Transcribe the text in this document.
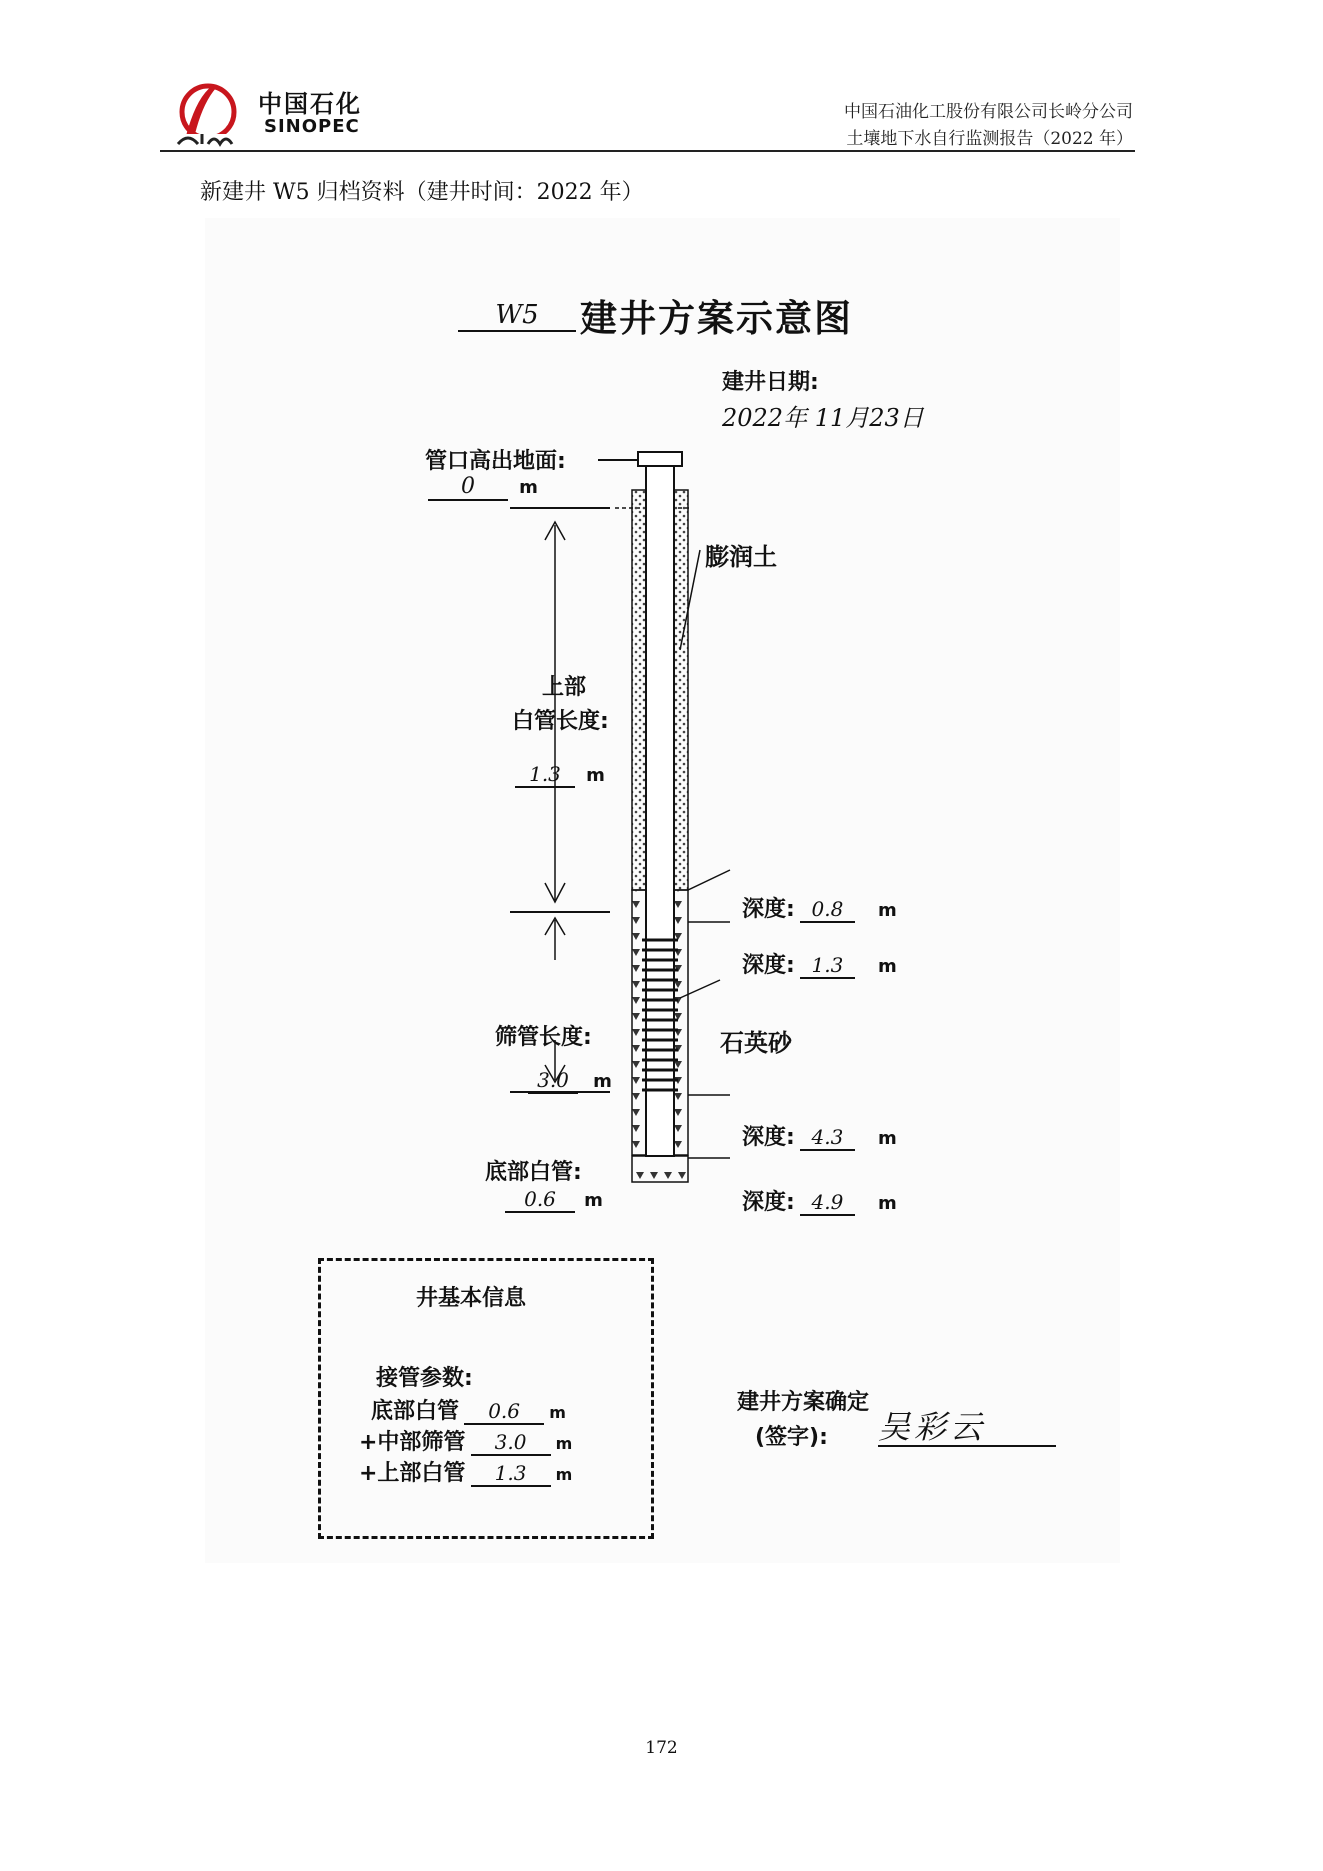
中国石化
SINOPEC
中国石油化工股份有限公司长岭分公司
土壤地下水自行监测报告（2022 年）
新建井 W5 归档资料（建井时间：2022 年）
W5	建井方案示意图
建井日期:
2022年 11月23日
管口高出地面:
0 m
膨润土
上部
白管长度:
1.3 m
筛管长度:
3.0 m
底部白管:
0.6 m
石英砂
深度: 0.8 m
深度: 1.3 m
深度: 4.3 m
深度: 4.9 m
井基本信息
接管参数:
底部白管 0.6 m
+中部筛管 3.0 m
+上部白管 1.3 m
建井方案确定
(签字): 吴彩云
172
